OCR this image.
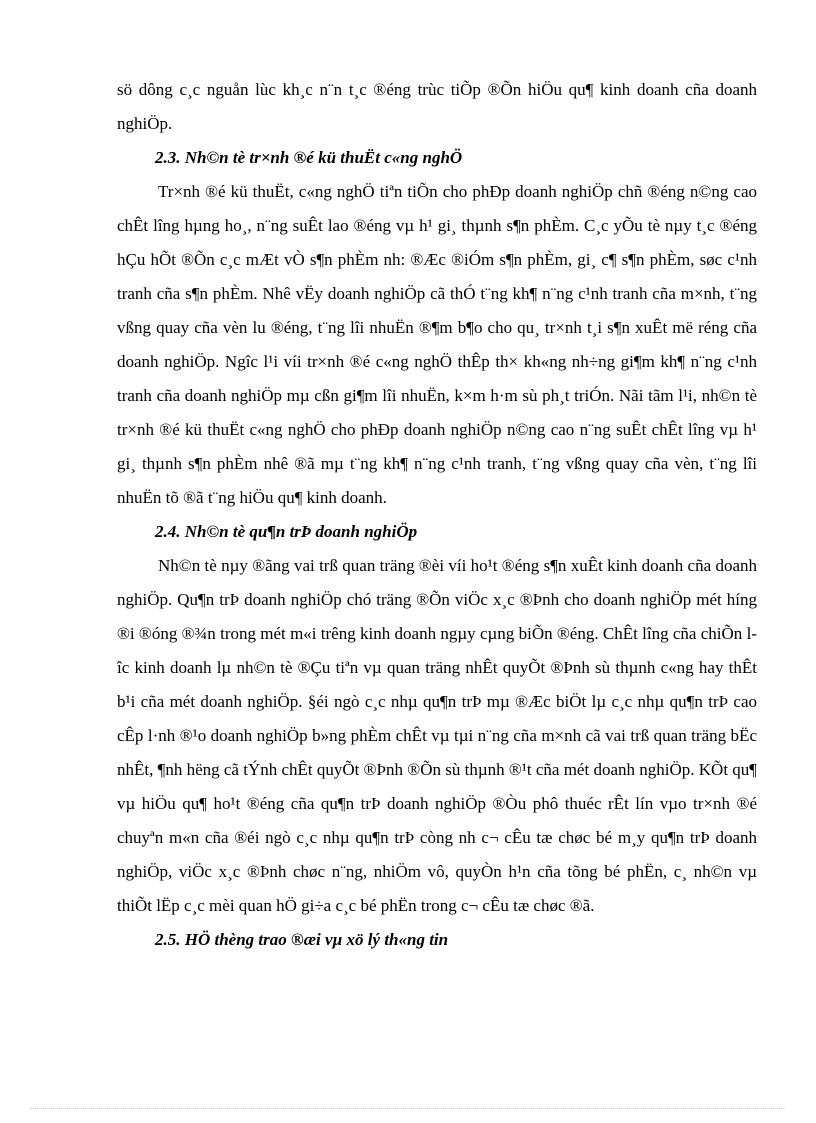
sö dông c¸c nguån lùc kh¸c n¨n t¸c ®éng trùc tiÕp ®Õn hiÖu qu¶ kinh doanh cña doanh nghiÖp.

2.3. Nh©n tè tr×nh ®é kü thuËt c«ng nghÖ

Tr×nh ®é kü thuËt, c«ng nghÖ tiªn tiÕn cho phÐp doanh nghiÖp chñ ®éng n©ng cao chÊt lîng hµng ho¸, n¨ng suÊt lao ®éng vµ h¹ gi¸ thµnh s¶n phÈm. C¸c yÕu tè nµy t¸c ®éng hÇu hÕt ®Õn c¸c mÆt vÒ s¶n phÈm nh: ®Æc ®iÓm s¶n phÈm, gi¸ c¶ s¶n phÈm, søc c¹nh tranh cña s¶n phÈm. Nhê vËy doanh nghiÖp cã thÓ t¨ng kh¶ n¨ng c¹nh tranh cña m×nh, t¨ng vßng quay cña vèn lu ®éng, t¨ng lîi nhuËn ®¶m b¶o cho qu¸ tr×nh t¸i s¶n xuÊt më réng cña doanh nghiÖp. Ngîc l¹i víi tr×nh ®é c«ng nghÖ thÊp th× kh«ng nh÷ng gi¶m kh¶ n¨ng c¹nh tranh cña doanh nghiÖp mµ cßn gi¶m lîi nhuËn, k×m h·m sù ph¸t triÓn. Nãi tãm l¹i, nh©n tè tr×nh ®é kü thuËt c«ng nghÖ cho phÐp doanh nghiÖp n©ng cao n¨ng suÊt chÊt lîng vµ h¹ gi¸ thµnh s¶n phÈm nhê ®ã mµ t¨ng kh¶ n¨ng c¹nh tranh, t¨ng vßng quay cña vèn, t¨ng lîi nhuËn tõ ®ã t¨ng hiÖu qu¶ kinh doanh.

2.4. Nh©n tè qu¶n trÞ doanh nghiÖp

Nh©n tè nµy ®ãng vai trß quan träng ®èi víi ho¹t ®éng s¶n xuÊt kinh doanh cña doanh nghiÖp. Qu¶n trÞ doanh nghiÖp chó träng ®Õn viÖc x¸c ®Þnh cho doanh nghiÖp mét híng ®i ®óng ®¾n trong mét m«i trêng kinh doanh ngµy cµng biÕn ®éng. ChÊt lîng cña chiÕn lîc kinh doanh lµ nh©n tè ®Çu tiªn vµ quan träng nhÊt quyÕt ®Þnh sù thµnh c«ng hay thÊt b¹i cña mét doanh nghiÖp. §éi ngò c¸c nhµ qu¶n trÞ mµ ®Æc biÖt lµ c¸c nhµ qu¶n trÞ cao cÊp l·nh ®¹o doanh nghiÖp b»ng phÈm chÊt vµ tµi n¨ng cña m×nh cã vai trß quan träng bËc nhÊt, ¶nh hëng cã tÝnh chÊt quyÕt ®Þnh ®Õn sù thµnh ®¹t cña mét doanh nghiÖp. KÕt qu¶ vµ hiÖu qu¶ ho¹t ®éng cña qu¶n trÞ doanh nghiÖp ®Òu phô thuéc rÊt lín vµo tr×nh ®é chuyªn m«n cña ®éi ngò c¸c nhµ qu¶n trÞ còng nh c¬ cÊu tæ chøc bé m¸y qu¶n trÞ doanh nghiÖp, viÖc x¸c ®Þnh chøc n¨ng, nhiÖm vô, quyÒn h¹n cña tõng bé phËn, c¸ nh©n vµ thiÕt lËp c¸c mèi quan hÖ gi÷a c¸c bé phËn trong c¬ cÊu tæ chøc ®ã.

2.5. HÖ thèng trao ®æi vµ xö lý th«ng tin
